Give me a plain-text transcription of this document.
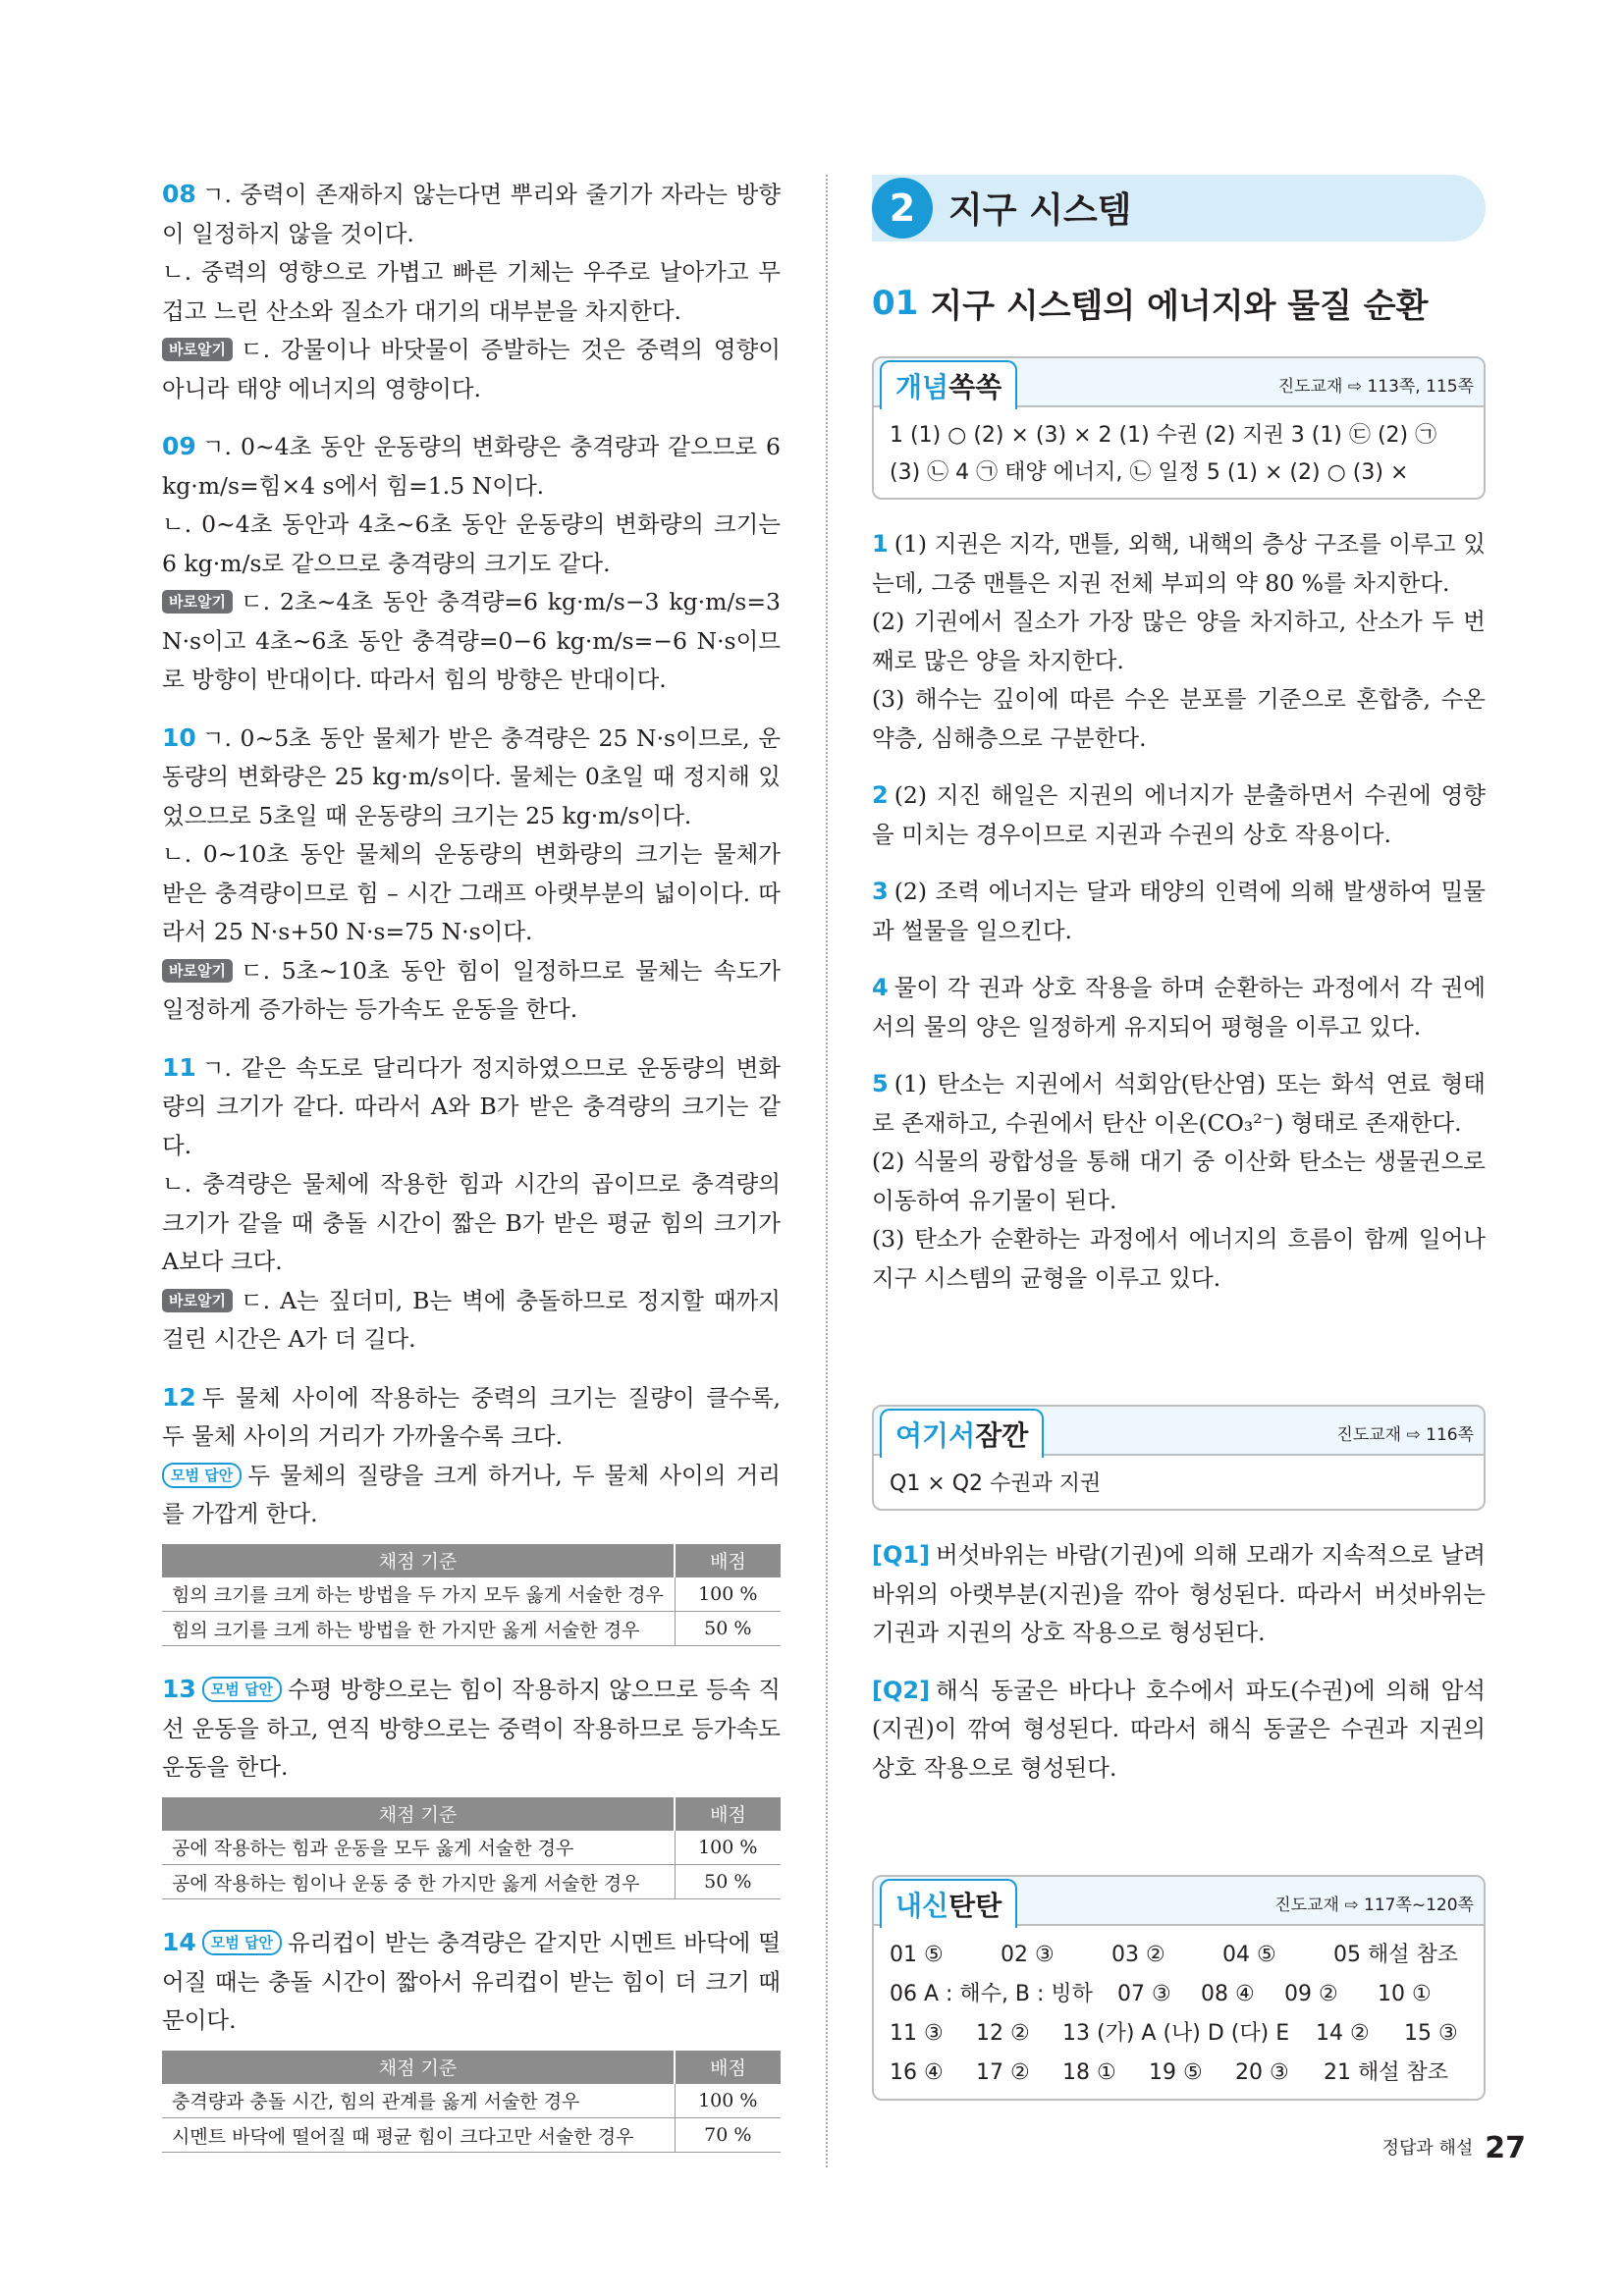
08 ㄱ. 중력이 존재하지 않는다면 뿌리와 줄기가 자라는 방향이 일정하지 않을 것이다.

ㄴ. 중력의 영향으로 가볍고 빠른 기체는 우주로 날아가고 무겁고 느린 산소와 질소가 대기의 대부분을 차지한다.

바로알기 ㄷ. 강물이나 바닷물이 증발하는 것은 중력의 영향이 아니라 태양 에너지의 영향이다.

09 ㄱ. 0~4초 동안 운동량의 변화량은 충격량과 같으므로 6 kg·m/s=힘×4 s에서 힘=1.5 N이다.

ㄴ. 0~4초 동안과 4초~6초 동안 운동량의 변화량의 크기는 6 kg·m/s로 같으므로 충격량의 크기도 같다.

바로알기 ㄷ. 2초~4초 동안 충격량=6 kg·m/s−3 kg·m/s=3 N·s이고 4초~6초 동안 충격량=0−6 kg·m/s=−6 N·s이므로 방향이 반대이다. 따라서 힘의 방향은 반대이다.

10 ㄱ. 0~5초 동안 물체가 받은 충격량은 25 N·s이므로, 운동량의 변화량은 25 kg·m/s이다. 물체는 0초일 때 정지해 있었으므로 5초일 때 운동량의 크기는 25 kg·m/s이다.

ㄴ. 0~10초 동안 물체의 운동량의 변화량의 크기는 물체가 받은 충격량이므로 힘 – 시간 그래프 아랫부분의 넓이이다. 따라서 25 N·s+50 N·s=75 N·s이다.

바로알기 ㄷ. 5초~10초 동안 힘이 일정하므로 물체는 속도가 일정하게 증가하는 등가속도 운동을 한다.

11 ㄱ. 같은 속도로 달리다가 정지하였으므로 운동량의 변화량의 크기가 같다. 따라서 A와 B가 받은 충격량의 크기는 같다.

ㄴ. 충격량은 물체에 작용한 힘과 시간의 곱이므로 충격량의 크기가 같을 때 충돌 시간이 짧은 B가 받은 평균 힘의 크기가 A보다 크다.

바로알기 ㄷ. A는 짚더미, B는 벽에 충돌하므로 정지할 때까지 걸린 시간은 A가 더 길다.

12 두 물체 사이에 작용하는 중력의 크기는 질량이 클수록, 두 물체 사이의 거리가 가까울수록 크다.

모범 답안 두 물체의 질량을 크게 하거나, 두 물체 사이의 거리를 가깝게 한다.

채점 기준	배점
힘의 크기를 크게 하는 방법을 두 가지 모두 옳게 서술한 경우	100 %
힘의 크기를 크게 하는 방법을 한 가지만 옳게 서술한 경우	50 %

13 모범 답안 수평 방향으로는 힘이 작용하지 않으므로 등속 직선 운동을 하고, 연직 방향으로는 중력이 작용하므로 등가속도 운동을 한다.

채점 기준	배점
공에 작용하는 힘과 운동을 모두 옳게 서술한 경우	100 %
공에 작용하는 힘이나 운동 중 한 가지만 옳게 서술한 경우	50 %

14 모범 답안 유리컵이 받는 충격량은 같지만 시멘트 바닥에 떨어질 때는 충돌 시간이 짧아서 유리컵이 받는 힘이 더 크기 때문이다.

채점 기준	배점
충격량과 충돌 시간, 힘의 관계를 옳게 서술한 경우	100 %
시멘트 바닥에 떨어질 때 평균 힘이 크다고만 서술한 경우	70 %
2 지구 시스템
01 지구 시스템의 에너지와 물질 순환
개념쏙쏙	진도교재 ⇨ 113쪽, 115쪽
1 (1) ○ (2) × (3) × 2 (1) 수권 (2) 지권 3 (1) ㉢ (2) ㉠
(3) ㉡ 4 ㉠ 태양 에너지, ㉡ 일정 5 (1) × (2) ○ (3) ×

1 (1) 지권은 지각, 맨틀, 외핵, 내핵의 층상 구조를 이루고 있는데, 그중 맨틀은 지권 전체 부피의 약 80 %를 차지한다.

(2) 기권에서 질소가 가장 많은 양을 차지하고, 산소가 두 번째로 많은 양을 차지한다.

(3) 해수는 깊이에 따른 수온 분포를 기준으로 혼합층, 수온 약층, 심해층으로 구분한다.

2 (2) 지진 해일은 지권의 에너지가 분출하면서 수권에 영향을 미치는 경우이므로 지권과 수권의 상호 작용이다.

3 (2) 조력 에너지는 달과 태양의 인력에 의해 발생하여 밀물과 썰물을 일으킨다.

4 물이 각 권과 상호 작용을 하며 순환하는 과정에서 각 권에서의 물의 양은 일정하게 유지되어 평형을 이루고 있다.

5 (1) 탄소는 지권에서 석회암(탄산염) 또는 화석 연료 형태로 존재하고, 수권에서 탄산 이온(CO₃²⁻) 형태로 존재한다.

(2) 식물의 광합성을 통해 대기 중 이산화 탄소는 생물권으로 이동하여 유기물이 된다.

(3) 탄소가 순환하는 과정에서 에너지의 흐름이 함께 일어나 지구 시스템의 균형을 이루고 있다.

여기서잠깐	진도교재 ⇨ 116쪽
Q1 × Q2 수권과 지권

[Q1] 버섯바위는 바람(기권)에 의해 모래가 지속적으로 날려 바위의 아랫부분(지권)을 깎아 형성된다. 따라서 버섯바위는 기권과 지권의 상호 작용으로 형성된다.

[Q2] 해식 동굴은 바다나 호수에서 파도(수권)에 의해 암석(지권)이 깎여 형성된다. 따라서 해식 동굴은 수권과 지권의 상호 작용으로 형성된다.

내신탄탄	진도교재 ⇨ 117쪽~120쪽
01 ⑤	02 ③	03 ②	04 ⑤	05 해설 참조
06 A : 해수, B : 빙하	07 ③	08 ④	09 ②	10 ①
11 ③	12 ②	13 (가) A (나) D (다) E	14 ②	15 ③
16 ④	17 ②	18 ①	19 ⑤	20 ③	21 해설 참조
정답과 해설 27
